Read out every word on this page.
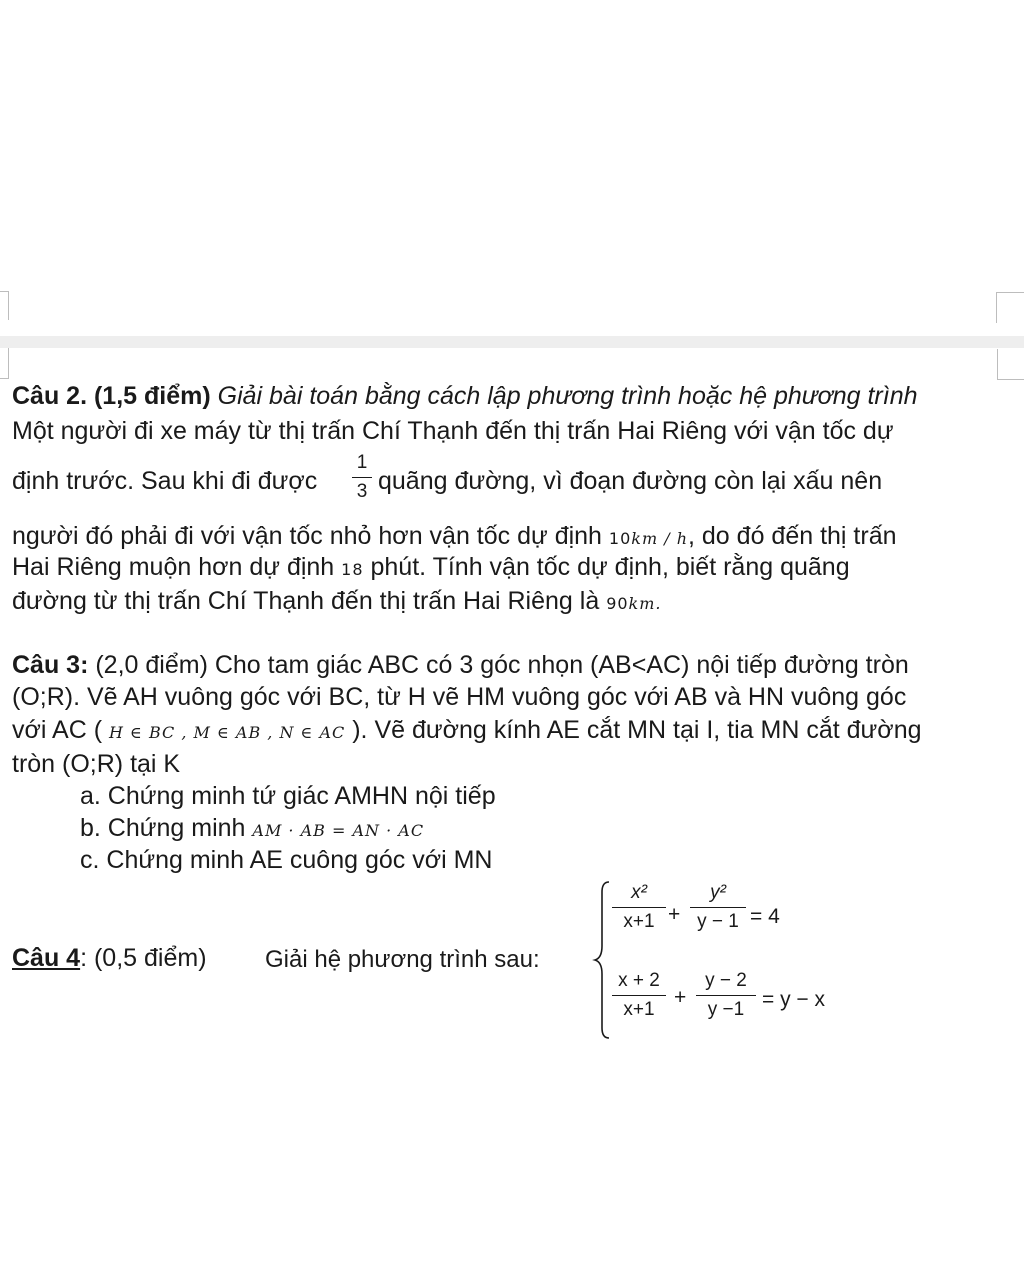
Câu 2. (1,5 điểm) Giải bài toán bằng cách lập phương trình hoặc hệ phương trình
Một người đi xe máy từ thị trấn Chí Thạnh đến thị trấn Hai Riêng với vận tốc dự
định trước. Sau khi đi được
1
3 quãng đường, vì đoạn đường còn lại xấu nên
người đó phải đi với vận tốc nhỏ hơn vận tốc dự định 10km / h, do đó đến thị trấn
Hai Riêng muộn hơn dự định 18 phút. Tính vận tốc dự định, biết rằng quãng
đường từ thị trấn Chí Thạnh đến thị trấn Hai Riêng là 90km.
Câu 3: (2,0 điểm) Cho tam giác ABC có 3 góc nhọn (AB<AC) nội tiếp đường tròn
(O;R). Vẽ AH vuông góc với BC, từ H vẽ HM vuông góc với AB và HN vuông góc
với AC ( H ∈ BC , M ∈ AB , N ∈ AC ). Vẽ đường kính AE cắt MN tại I, tia MN cắt đường
tròn (O;R) tại K
a. Chứng minh tứ giác AMHN nội tiếp
b. Chứng minh AM · AB = AN · AC
c. Chứng minh AE cuông góc với MN
Câu 4: (0,5 điểm) Giải hệ phương trình sau:
x²
x+1 +
y²
y − 1 = 4
x + 2
x+1
+
y − 2
y −1 = y − x
